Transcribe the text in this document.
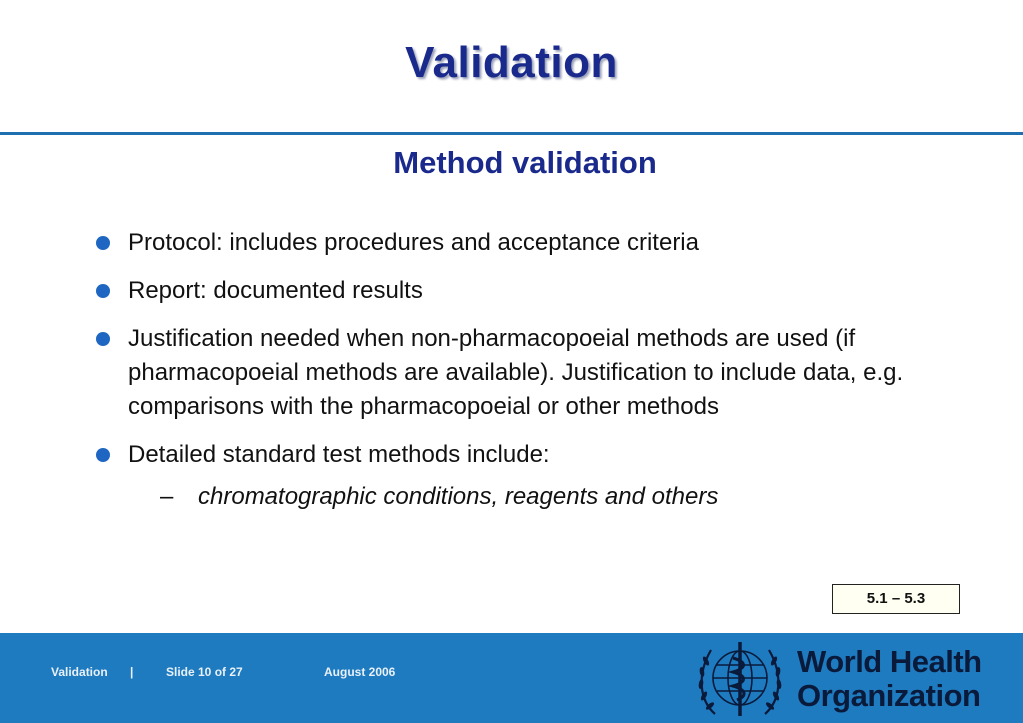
Validation
Method validation
Protocol: includes procedures and acceptance criteria
Report: documented results
Justification needed when non-pharmacopoeial methods are used (if pharmacopoeial methods are available). Justification to include data, e.g. comparisons with the pharmacopoeial or other methods
Detailed standard test methods include:
– chromatographic conditions, reagents and others
5.1 – 5.3
Validation |	Slide 10 of 27	August 2006	World Health
Organization
